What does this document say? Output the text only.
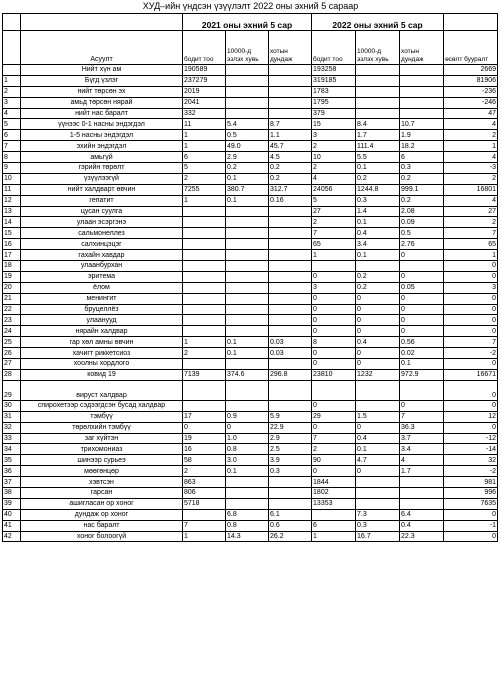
ХУД–ийн үндсэн үзүүлэлт 2022 оны эхний 5 сараар
		2021 оны эхний 5 сар			2022 оны эхний 5 сар			
	Асуулт	бодит тоо	10000-д эзлэх хувь	хотын дундаж	бодит тоо	10000-д эзлэх хувь	хотын дундаж	өсөлт бууралт
	Нийт хүн ам	190589			193258			2669
1	Бүгд үзлэг	237279			319185			81906
2	нийт төрсөн эх	2019			1783			-236
3	амьд төрсөн нярай	2041			1795			-246
4	нийт нас баралт	332			379			47
5	үүнээс 0-1 насны эндэгдэл	11	5.4	8.7	15	8.4	10.7	4
6	1-5 насны эндэгдэл	1	0.5	1.1	3	1.7	1.9	2
7	эхийн эндэгдэл	1	49.0	45.7	2	111.4	18.2	1
8	амьгүй	6	2.9	4.5	10	5.5	6	4
9	гэрийн төрөлт	5	0.2	0.2	2	0.1	0.3	-3
10	үзүүлээгүй	2	0.1	0.2	4	0.2	0.2	2
11	нийт халдварт өвчин	7255	380.7	312.7	24056	1244.8	999.1	16801
12	гепатит	1	0.1	0.16	5	0.3	0.2	4
13	цусан суулга				27	1.4	2.08	27
14	улаан эсэргэнэ				2	0.1	0.09	2
15	сальмонеллез				7	0.4	0.5	7
16	салхинцэцэг				65	3.4	2.76	65
17	гахайн хавдар				1	0.1	0	1
18	улаанбурхан							0
19	эритема				0	0.2	0	0
20	ёлом				3	0.2	0.05	3
21	менингит				0	0	0	0
22	бруцеллёз				0	0	0	0
23	улаанууд				0	0	0	0
24	нярайн халдвар				0	0	0	0
25	гар хөл амны өвчин	1	0.1	0.03	8	0.4	0.56	7
26	хачигт риккетсиоз	2	0.1	0.03	0	0	0.02	-2
27	хоолны хордлого				0	0	0.1	0
28	ковид 19	7139	374.6	296.8	23810	1232	972.9	16671
29	вируст халдвар							0
30	спирохетээр сэдээгдсэн бусад халдвар				0		0	0
31	тэмбүү	17	0.9	5.9	29	1.5	7	12
32	төрөлхийн тэмбүү	0	0	22.9	0	0	36.3	0
33	заг хүйтэн	19	1.0	2.9	7	0.4	3.7	-12
34	трихомониаз	16	0.8	2.5	2	0.1	3.4	-14
35	шинээр сурьеэ	58	3.0	3.9	90	4.7	4	32
36	мөөгөнцөр	2	0.1	0.3	0	0	1.7	-2
37	хэвтсэн	863			1844			981
38	гарсан	806			1802			996
39	ашигласан ор хоног	5718			13353			7635
40	дундаж ор хоног		6.8	6.1		7.3	6.4	0
41	нас баралт	7	0.8	0.6	6	0.3	0.4	-1
42	хоног болоогүй	1	14.3	26.2	1	16.7	22.3	0
